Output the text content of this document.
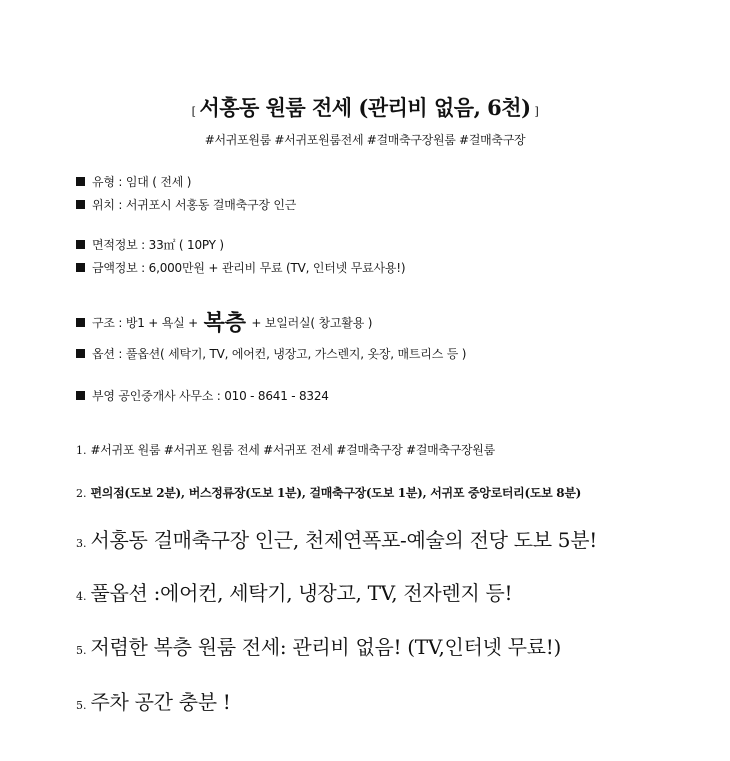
[ 서홍동 원룸 전세 (관리비 없음, 6천) ]
#서귀포원룸 #서귀포원룸전세 #걸매축구장원룸 #걸매축구장
유형 : 임대 ( 전세 )
위치 : 서귀포시 서홍동 걸매축구장 인근
면적정보 : 33㎡ ( 10PY )
금액정보 : 6,000만원 + 관리비 무료 (TV, 인터넷 무료사용!)
구조 : 방1 + 욕실 + 복층 + 보일러실( 창고활용 )
옵션 : 풀옵션( 세탁기, TV, 에어컨, 냉장고, 가스렌지, 옷장, 매트리스 등 )
부영 공인중개사 사무소 : 010 - 8641 - 8324
1. #서귀포 원룸 #서귀포 원룸 전세 #서귀포 전세 #걸매축구장 #걸매축구장원룸
2. 편의점(도보 2분), 버스정류장(도보 1분), 걸매축구장(도보 1분), 서귀포 중앙로터리(도보 8분)
3. 서홍동 걸매축구장 인근, 천제연폭포-예술의 전당 도보 5분!
4. 풀옵션 :에어컨, 세탁기, 냉장고, TV, 전자렌지 등!
5. 저렴한 복층 원룸 전세: 관리비 없음! (TV,인터넷 무료!)
5. 주차 공간 충분 !
